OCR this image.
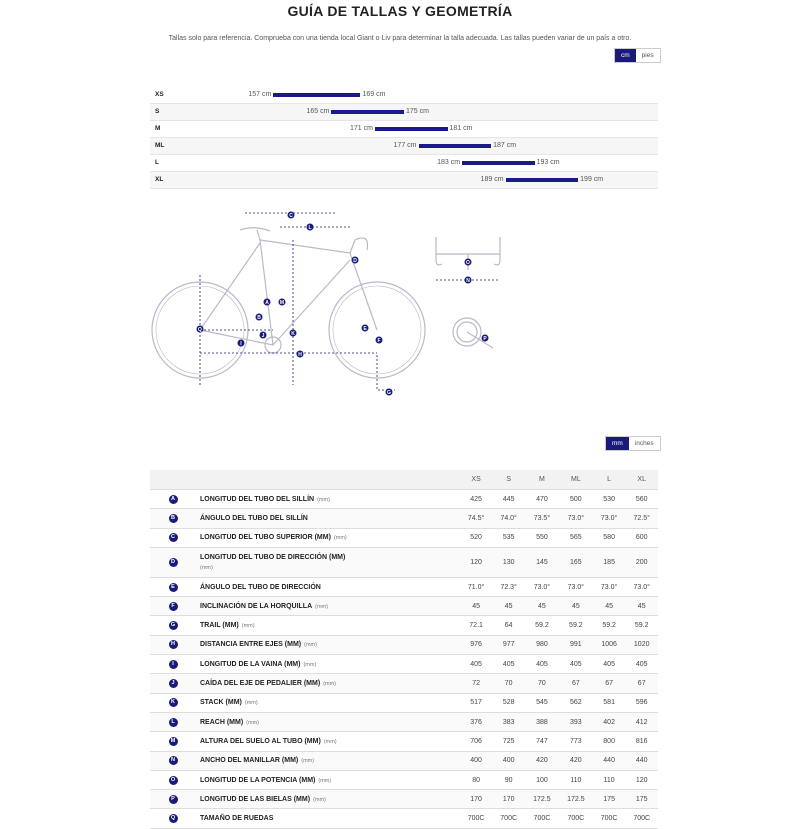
GUÍA DE TALLAS Y GEOMETRÍA
Tallas solo para referencia. Comprueba con una tienda local Giant o Liv para determinar la talla adecuada. Las tallas pueden variar de un país a otro.
cm	pies
XS	157 cm	169 cm
S	165 cm	175 cm
M	171 cm	181 cm
ML	177 cm	187 cm
L	183 cm	193 cm
XL	189 cm	199 cm
C
L
D
A M
B
K
Q
I
J
H
E
F
G
O
N
P
mm	inches
		XS	S	M	ML	L	XL
A	LONGITUD DEL TUBO DEL SILLÍN (mm)	425	445	470	500	530	560
B	ÁNGULO DEL TUBO DEL SILLÍN	74.5°	74.0°	73.5°	73.0°	73.0°	72.5°
C	LONGITUD DEL TUBO SUPERIOR (MM) (mm)	520	535	550	565	580	600
D	LONGITUD DEL TUBO DE DIRECCIÓN (MM)
(mm)	120	130	145	165	185	200
E	ÁNGULO DEL TUBO DE DIRECCIÓN	71.0°	72.3°	73.0°	73.0°	73.0°	73.0°
F	INCLINACIÓN DE LA HORQUILLA (mm)	45	45	45	45	45	45
G	TRAIL (MM) (mm)	72.1	64	59.2	59.2	59.2	59.2
H	DISTANCIA ENTRE EJES (MM) (mm)	976	977	980	991	1006	1020
I	LONGITUD DE LA VAINA (MM) (mm)	405	405	405	405	405	405
J	CAÍDA DEL EJE DE PEDALIER (MM) (mm)	72	70	70	67	67	67
K	STACK (MM) (mm)	517	528	545	562	581	596
L	REACH (MM) (mm)	376	383	388	393	402	412
M	ALTURA DEL SUELO AL TUBO (MM) (mm)	706	725	747	773	800	816
N	ANCHO DEL MANILLAR (MM) (mm)	400	400	420	420	440	440
O	LONGITUD DE LA POTENCIA (MM) (mm)	80	90	100	110	110	120
P	LONGITUD DE LAS BIELAS (MM) (mm)	170	170	172.5	172.5	175	175
Q	TAMAÑO DE RUEDAS	700C	700C	700C	700C	700C	700C
